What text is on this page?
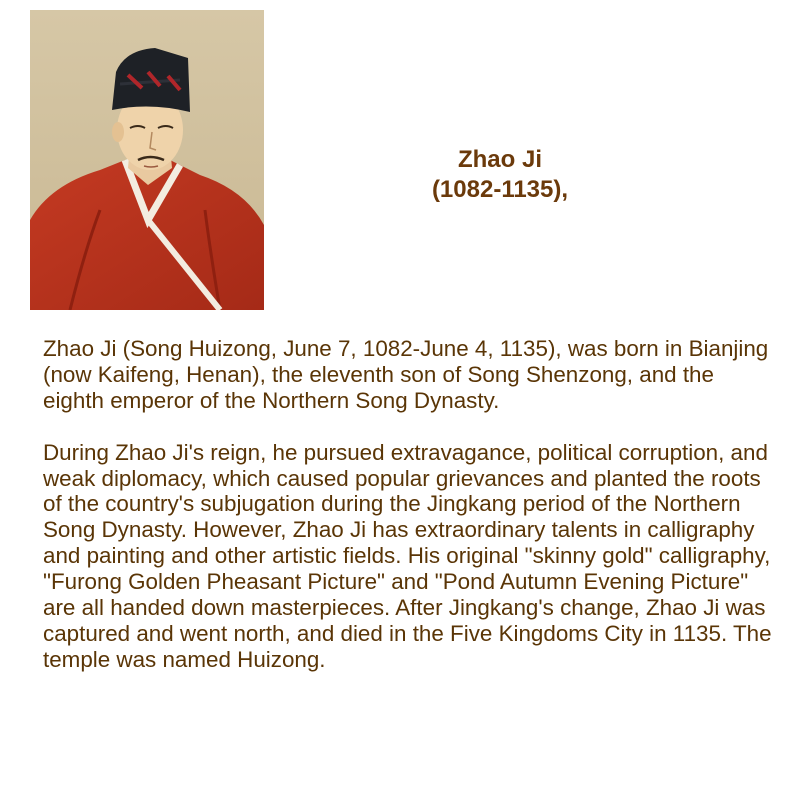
Zhao Ji
(1082-1135),

Zhao Ji (Song Huizong, June 7, 1082-June 4, 1135), was born in Bianjing (now Kaifeng, Henan), the eleventh son of Song Shenzong, and the eighth emperor of the Northern Song Dynasty.

During Zhao Ji's reign, he pursued extravagance, political corruption, and weak diplomacy, which caused popular grievances and planted the roots of the country's subjugation during the Jingkang period of the Northern Song Dynasty. However, Zhao Ji has extraordinary talents in calligraphy and painting and other artistic fields. His original "skinny gold" calligraphy, "Furong Golden Pheasant Picture" and "Pond Autumn Evening Picture" are all handed down masterpieces. After Jingkang's change, Zhao Ji was captured and went north, and died in the Five Kingdoms City in 1135. The temple was named Huizong.
